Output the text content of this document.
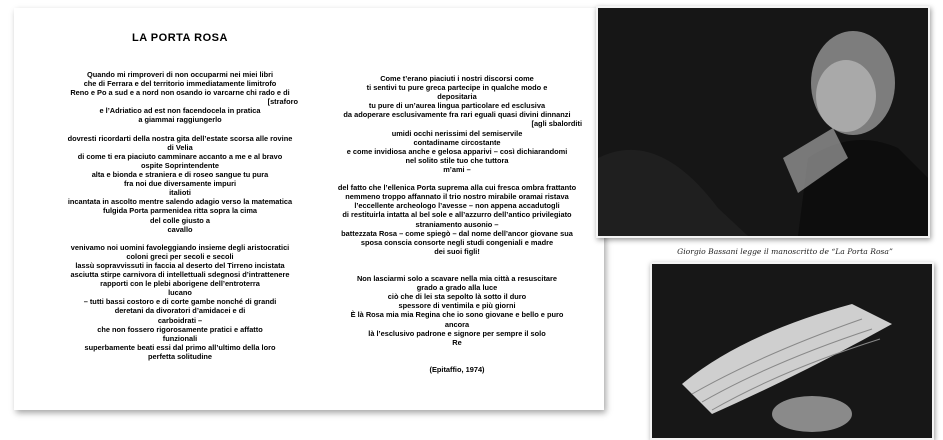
LA PORTA ROSA
Quando mi rimproveri di non occuparmi nei miei libri
che di Ferrara e del territorio immediatamente limitrofo
Reno e Po a sud e a nord non osando io varcarne chi rado e di
[straforo
e l’Adriatico ad est non facendocela in pratica
a giammai raggiungerlo
dovresti ricordarti della nostra gita dell’estate scorsa alle rovine
di Velia
di come ti era piaciuto camminare accanto a me e al bravo
ospite Soprintendente
alta e bionda e straniera e di roseo sangue tu pura
fra noi due diversamente impuri
italioti
incantata in ascolto mentre salendo adagio verso la matematica
fulgida Porta parmenidea ritta sopra la cima
del colle giusto a
cavallo
venivamo noi uomini favoleggiando insieme degli aristocratici
coloni greci per secoli e secoli
lassù sopravvissuti in faccia al deserto del Tirreno incistata
asciutta stirpe carnivora di intellettuali sdegnosi d’intrattenere
rapporti con le plebi aborigene dell’entroterra
lucano
– tutti bassi costoro e di corte gambe nonché di grandi
deretani da divoratori d’amidacei e di
carboidrati –
che non fossero rigorosamente pratici e affatto
funzionali
superbamente beati essi dal primo all’ultimo della loro
perfetta solitudine
Come t’erano piaciuti i nostri discorsi come
ti sentivi tu pure greca partecipe in qualche modo e
depositaria
tu pure di un’aurea lingua particolare ed esclusiva
da adoperare esclusivamente fra rari eguali quasi divini dinnanzi
[agli sbalorditi
umidi occhi nerissimi del semiservile
contadiname circostante
e come invidiosa anche e gelosa apparivi – così dichiarandomi
nel solito stile tuo che tuttora
m’ami –
del fatto che l’ellenica Porta suprema alla cui fresca ombra frattanto
nemmeno troppo affannato il trio nostro mirabile oramai ristava
l’eccellente archeologo l’avesse – non appena accadutogli
di restituirla intatta al bel sole e all’azzurro dell’antico privilegiato
straniamento ausonio –
battezzata Rosa – come spiegò – dal nome dell’ancor giovane sua
sposa conscia consorte negli studi congeniali e madre
dei suoi figli!
Non lasciarmi solo a scavare nella mia città a resuscitare
grado a grado alla luce
ciò che di lei sta sepolto là sotto il duro
spessore di ventimila e più giorni
È là Rosa mia mia Regina che io sono giovane e bello e puro
ancora
là l’esclusivo padrone e signore per sempre il solo
Re
(Epitaffio, 1974)
Giorgio Bassani legge il manoscritto de “La Porta Rosa”
